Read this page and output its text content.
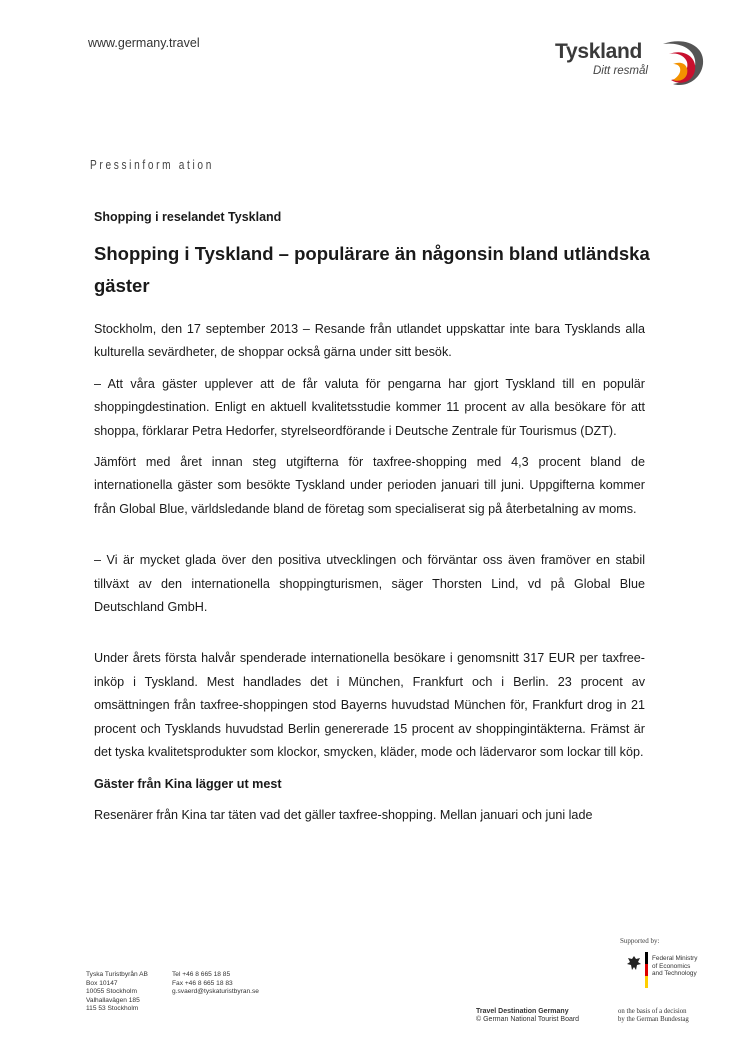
www.germany.travel	Tyskland
Ditt resmål
Pressinform ation
Shopping i reselandet Tyskland
Shopping i Tyskland – populärare än någonsin bland utländska gäster

Stockholm, den 17 september 2013 – Resande från utlandet uppskattar inte bara Tysklands alla kulturella sevärdheter, de shoppar också gärna under sitt besök.

– Att våra gäster upplever att de får valuta för pengarna har gjort Tyskland till en populär shoppingdestination. Enligt en aktuell kvalitetsstudie kommer 11 procent av alla besökare för att shoppa, förklarar Petra Hedorfer, styrelseordförande i Deutsche Zentrale für Tourismus (DZT).

Jämfört med året innan steg utgifterna för taxfree-shopping med 4,3 procent bland de internationella gäster som besökte Tyskland under perioden januari till juni. Uppgifterna kommer från Global Blue, världsledande bland de företag som specialiserat sig på återbetalning av moms.

– Vi är mycket glada över den positiva utvecklingen och förväntar oss även framöver en stabil tillväxt av den internationella shoppingturismen, säger Thorsten Lind, vd på Global Blue Deutschland GmbH.

Under årets första halvår spenderade internationella besökare i genomsnitt 317 EUR per taxfree-inköp i Tyskland. Mest handlades det i München, Frankfurt och i Berlin. 23 procent av omsättningen från taxfree-shoppingen stod Bayerns huvudstad München för, Frankfurt drog in 21 procent och Tysklands huvudstad Berlin genererade 15 procent av shoppingintäkterna. Främst är det tyska kvalitetsprodukter som klockor, smycken, kläder, mode och lädervaror som lockar till köp.

Gäster från Kina lägger ut mest

Resenärer från Kina tar täten vad det gäller taxfree-shopping. Mellan januari och juni lade

Supported by:
Federal Ministry
of Economics
and Technology
on the basis of a decision
by the German Bundestag
Tyska Turistbyrån AB
Box 10147
10055 Stockholm
Valhallavägen 185
115 53 Stockholm
Tel +46 8 665 18 85
Fax +46 8 665 18 83
g.svaerd@tyskaturistbyran.se
Travel Destination Germany
© German National Tourist Board
